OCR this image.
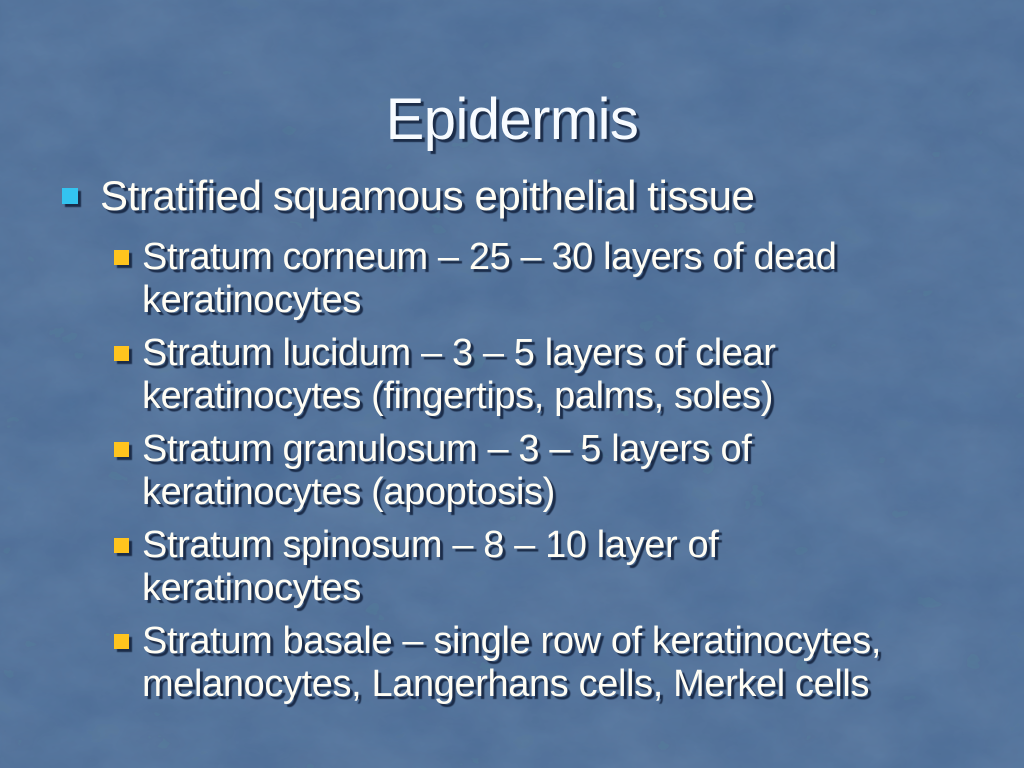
Epidermis
Stratified squamous epithelial tissue
Stratum corneum – 25 – 30 layers of dead
keratinocytes
Stratum lucidum – 3 – 5 layers of clear
keratinocytes (fingertips, palms, soles)
Stratum granulosum – 3 – 5 layers of
keratinocytes (apoptosis)
Stratum spinosum – 8 – 10 layer of
keratinocytes
Stratum basale – single row of keratinocytes,
melanocytes, Langerhans cells, Merkel cells
